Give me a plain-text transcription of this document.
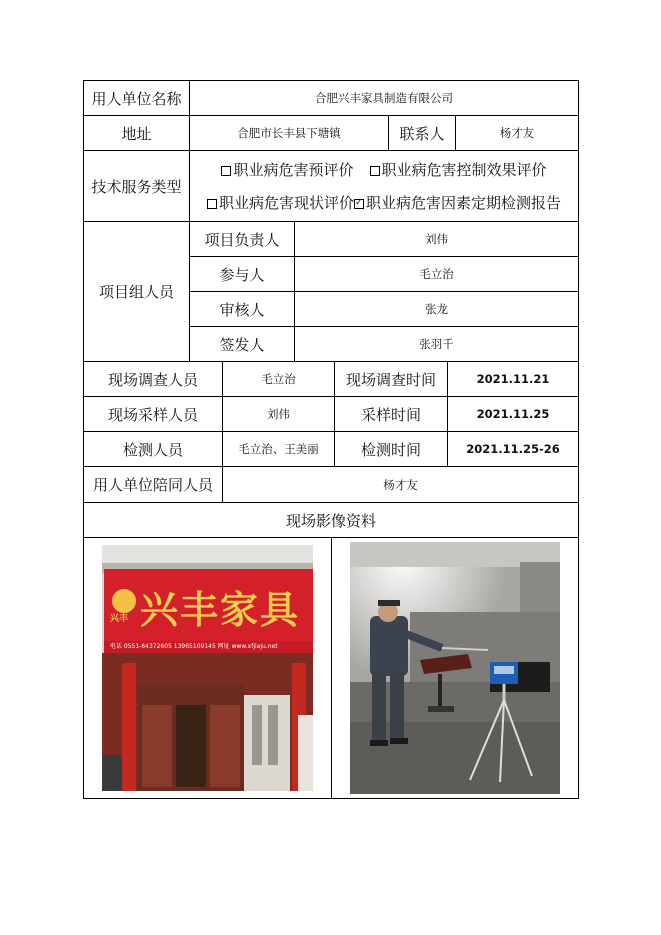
用人单位名称	合肥兴丰家具制造有限公司
地址	合肥市长丰县下塘镇	联系人	杨才友
技术服务类型
职业病危害预评价	职业病危害控制效果评价
职业病危害现状评价
✓ 职业病危害因素定期检测报告
项目组人员
项目负责人	刘伟
参与人	毛立治
审核人	张龙
签发人	张羽千
现场调查人员	毛立治	现场调查时间	2021.11.21
现场采样人员	刘伟	采样时间	2021.11.25
检测人员	毛立治、王美丽	检测时间	2021.11.25-26
用人单位陪同人员	杨才友
现场影像资料
兴丰家具
兴丰
电话 0551-64372605 13965109145 网址 www.xfjiaju.net
